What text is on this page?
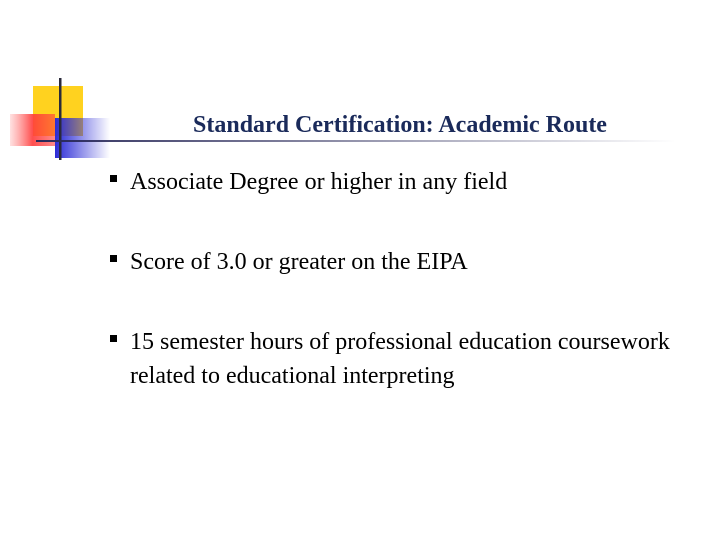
Standard Certification: Academic Route
Associate Degree or higher in any field
Score of 3.0 or greater on the EIPA
15 semester hours of professional education coursework related to educational interpreting
